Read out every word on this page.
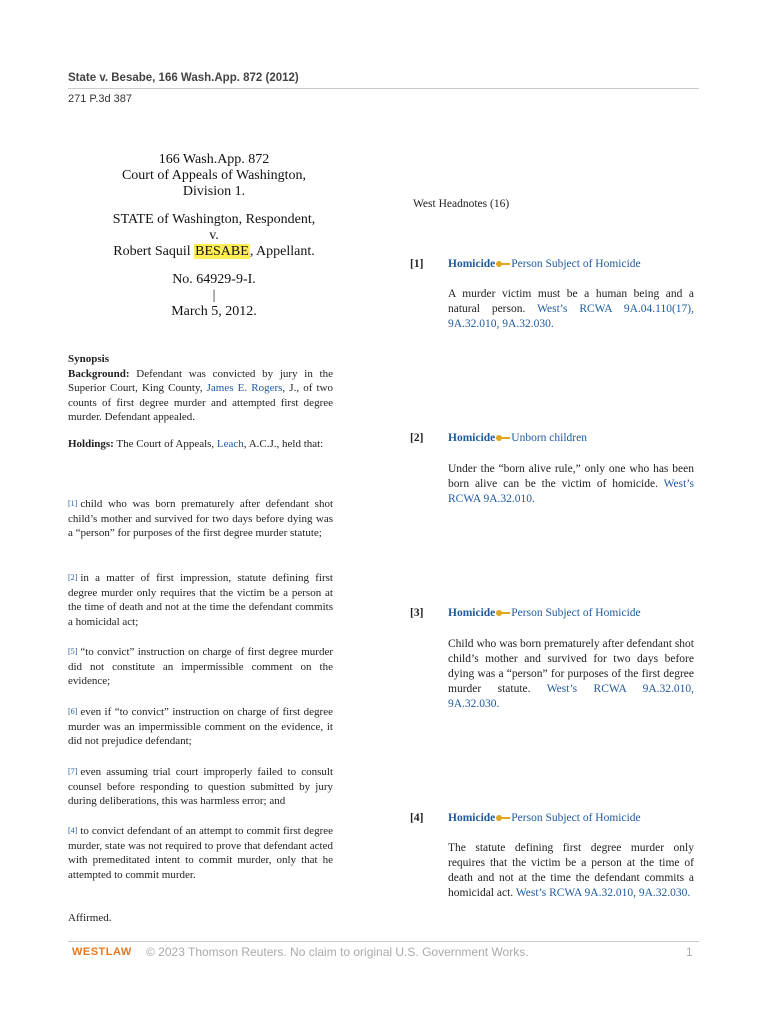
State v. Besabe, 166 Wash.App. 872 (2012)
271 P.3d 387
166 Wash.App. 872
Court of Appeals of Washington,
Division 1.
STATE of Washington, Respondent,
v.
Robert Saquil BESABE, Appellant.
No. 64929-9-I.
|
March 5, 2012.
Synopsis
Background: Defendant was convicted by jury in the Superior Court, King County, James E. Rogers, J., of two counts of first degree murder and attempted first degree murder. Defendant appealed.
Holdings: The Court of Appeals, Leach, A.C.J., held that:
[1] child who was born prematurely after defendant shot child’s mother and survived for two days before dying was a “person” for purposes of the first degree murder statute;
[2] in a matter of first impression, statute defining first degree murder only requires that the victim be a person at the time of death and not at the time the defendant commits a homicidal act;
[5] “to convict” instruction on charge of first degree murder did not constitute an impermissible comment on the evidence;
[6] even if “to convict” instruction on charge of first degree murder was an impermissible comment on the evidence, it did not prejudice defendant;
[7] even assuming trial court improperly failed to consult counsel before responding to question submitted by jury during deliberations, this was harmless error; and
[4] to convict defendant of an attempt to commit first degree murder, state was not required to prove that defendant acted with premeditated intent to commit murder, only that he attempted to commit murder.
Affirmed.
West Headnotes (16)
[1] Homicide Person Subject of Homicide
A murder victim must be a human being and a natural person. West’s RCWA 9A.04.110(17), 9A.32.010, 9A.32.030.
[2] Homicide Unborn children
Under the “born alive rule,” only one who has been born alive can be the victim of homicide. West’s RCWA 9A.32.010.
[3] Homicide Person Subject of Homicide
Child who was born prematurely after defendant shot child’s mother and survived for two days before dying was a “person” for purposes of the first degree murder statute. West’s RCWA 9A.32.010, 9A.32.030.
[4] Homicide Person Subject of Homicide
The statute defining first degree murder only requires that the victim be a person at the time of death and not at the time the defendant commits a homicidal act. West’s RCWA 9A.32.010, 9A.32.030.
WESTLAW © 2023 Thomson Reuters. No claim to original U.S. Government Works.	1
